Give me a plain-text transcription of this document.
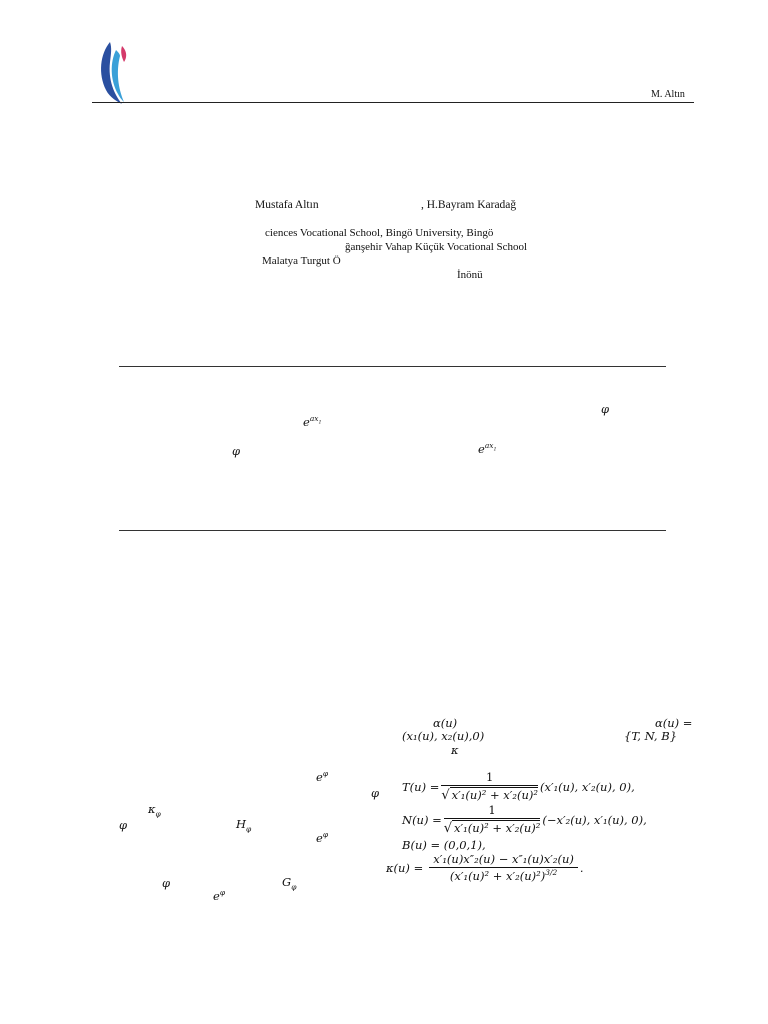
M. Altın
Mustafa Altın	, H.Bayram Karadağ
ciences Vocational School, Bingö University, Bingö
ğanşehir Vahap Küçük Vocational School
Malatya Turgut Ö
İnönü
φ
$e^{ax_1}$
φ	$e^{ax_1}$
$e^\varphi$
φ
$\kappa_\varphi$
φ	$H_\varphi$
$e^\varphi$
φ	$G_\varphi$
$e^\varphi$
α(u)	α(u) =
(x₁(u), x₂(u),0)	{T, N, B}
κ
$T(u) = \frac{1}{\text{√ x′₁(u)² + x′₂(u)²}} (x'_1(u)$, x′₂(u), 0),
$N(u) = \frac{1}{\text{√ x′₁(u)² + x′₂(u)²}} (-x'_2(u)$, x′₁(u), 0),
B(u) = (0,0,1),
$\kappa(u) = \frac{\text{x′₁(u)x″₂(u) − x″₁(u)x′₂(u)}}{(x'_1(u)^2 + x'_2(u)^2)^{3/2}}$ .
